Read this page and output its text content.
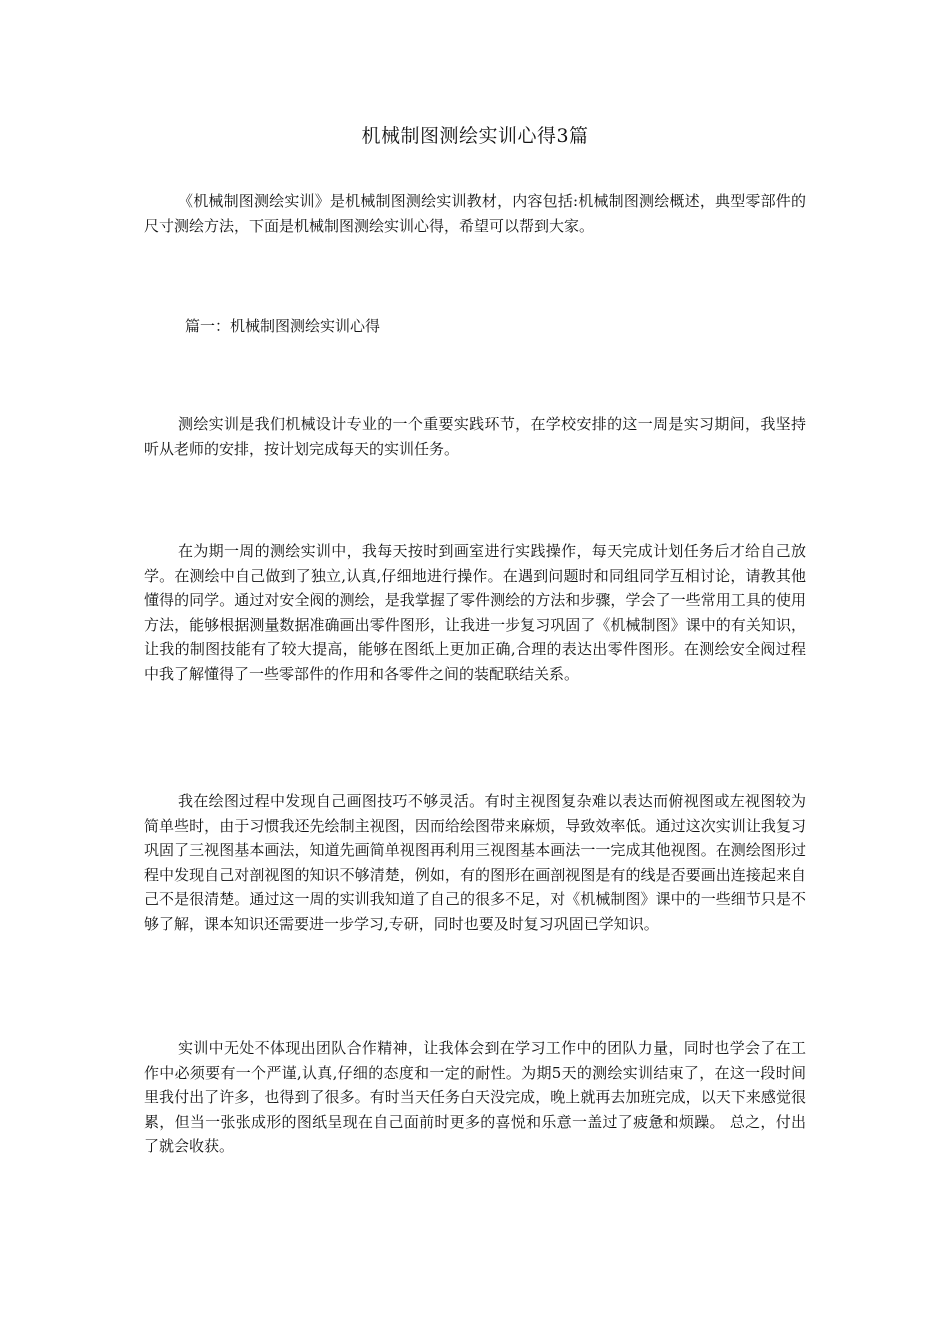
机械制图测绘实训心得3篇

《机械制图测绘实训》是机械制图测绘实训教材，内容包括:机械制图测绘概述，典型零部件的尺寸测绘方法，下面是机械制图测绘实训心得，希望可以帮到大家。

篇一：机械制图测绘实训心得

测绘实训是我们机械设计专业的一个重要实践环节，在学校安排的这一周是实习期间，我坚持听从老师的安排，按计划完成每天的实训任务。

在为期一周的测绘实训中，我每天按时到画室进行实践操作，每天完成计划任务后才给自己放学。在测绘中自己做到了独立,认真,仔细地进行操作。在遇到问题时和同组同学互相讨论，请教其他懂得的同学。通过对安全阀的测绘，是我掌握了零件测绘的方法和步骤，学会了一些常用工具的使用方法，能够根据测量数据准确画出零件图形，让我进一步复习巩固了《机械制图》课中的有关知识，让我的制图技能有了较大提高，能够在图纸上更加正确,合理的表达出零件图形。在测绘安全阀过程中我了解懂得了一些零部件的作用和各零件之间的装配联结关系。

我在绘图过程中发现自己画图技巧不够灵活。有时主视图复杂难以表达而俯视图或左视图较为简单些时，由于习惯我还先绘制主视图，因而给绘图带来麻烦，导致效率低。通过这次实训让我复习巩固了三视图基本画法，知道先画简单视图再利用三视图基本画法一一完成其他视图。在测绘图形过程中发现自己对剖视图的知识不够清楚，例如，有的图形在画剖视图是有的线是否要画出连接起来自己不是很清楚。通过这一周的实训我知道了自己的很多不足，对《机械制图》课中的一些细节只是不够了解，课本知识还需要进一步学习,专研，同时也要及时复习巩固已学知识。

实训中无处不体现出团队合作精神，让我体会到在学习工作中的团队力量，同时也学会了在工作中必须要有一个严谨,认真,仔细的态度和一定的耐性。为期5天的测绘实训结束了，在这一段时间里我付出了许多，也得到了很多。有时当天任务白天没完成，晚上就再去加班完成，以天下来感觉很累，但当一张张成形的图纸呈现在自己面前时更多的喜悦和乐意一盖过了疲惫和烦躁。 总之，付出了就会收获。
